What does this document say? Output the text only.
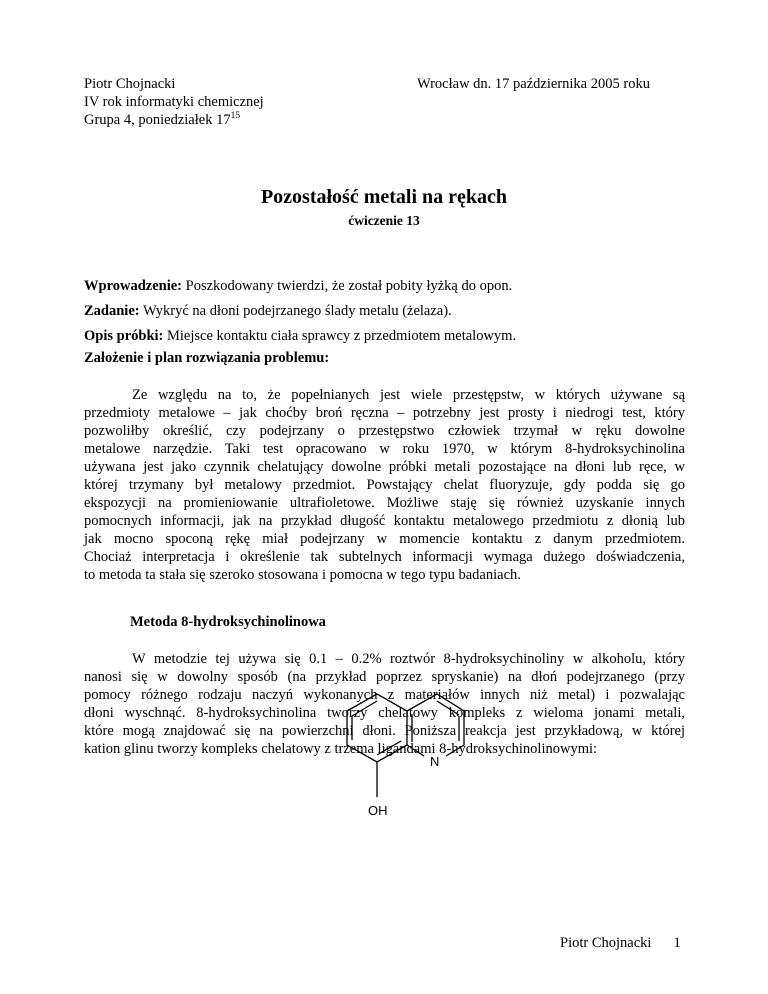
Piotr Chojnacki
IV rok informatyki chemicznej
Grupa 4, poniedziałek $17^{15}$
Wrocław dn. 17 października 2005 roku
Pozostałość metali na rękach
ćwiczenie 13
Wprowadzenie: Poszkodowany twierdzi, że został pobity łyżką do opon.
Zadanie: Wykryć na dłoni podejrzanego ślady metalu (żelaza).
Opis próbki: Miejsce kontaktu ciała sprawcy z przedmiotem metalowym.
Założenie i plan rozwiązania problemu:
Ze względu na to, że popełnianych jest wiele przestępstw, w których używane są
przedmioty metalowe – jak choćby broń ręczna – potrzebny jest prosty i niedrogi test, który
pozwoliłby określić, czy podejrzany o przestępstwo człowiek trzymał w ręku dowolne
metalowe narzędzie. Taki test opracowano w roku 1970, w którym 8-hydroksychinolina
używana jest jako czynnik chelatujący dowolne próbki metali pozostające na dłoni lub ręce, w
której trzymany był metalowy przedmiot. Powstający chelat fluoryzuje, gdy podda się go
ekspozycji na promieniowanie ultrafioletowe. Możliwe staję się również uzyskanie innych
pomocnych informacji, jak na przykład długość kontaktu metalowego przedmiotu z dłonią lub
jak mocno spoconą rękę miał podejrzany w momencie kontaktu z danym przedmiotem.
Chociaż interpretacja i określenie tak subtelnych informacji wymaga dużego doświadczenia,
to metoda ta stała się szeroko stosowana i pomocna w tego typu badaniach.
Metoda 8-hydroksychinolinowa
W metodzie tej używa się 0.1 – 0.2% roztwór 8-hydroksychinoliny w alkoholu, który
nanosi się w dowolny sposób (na przykład poprzez spryskanie) na dłoń podejrzanego (przy
pomocy różnego rodzaju naczyń wykonanych z materiałów innych niż metal) i pozwalając
dłoni wyschnąć. 8-hydroksychinolina tworzy chelatowy kompleks z wieloma jonami metali,
które mogą znajdować się na powierzchni dłoni. Poniższa reakcja jest przykładową, w której
kation glinu tworzy kompleks chelatowy z trzema ligandami 8-hydroksychinolinowymi:
N
OH
Piotr Chojnacki 1
